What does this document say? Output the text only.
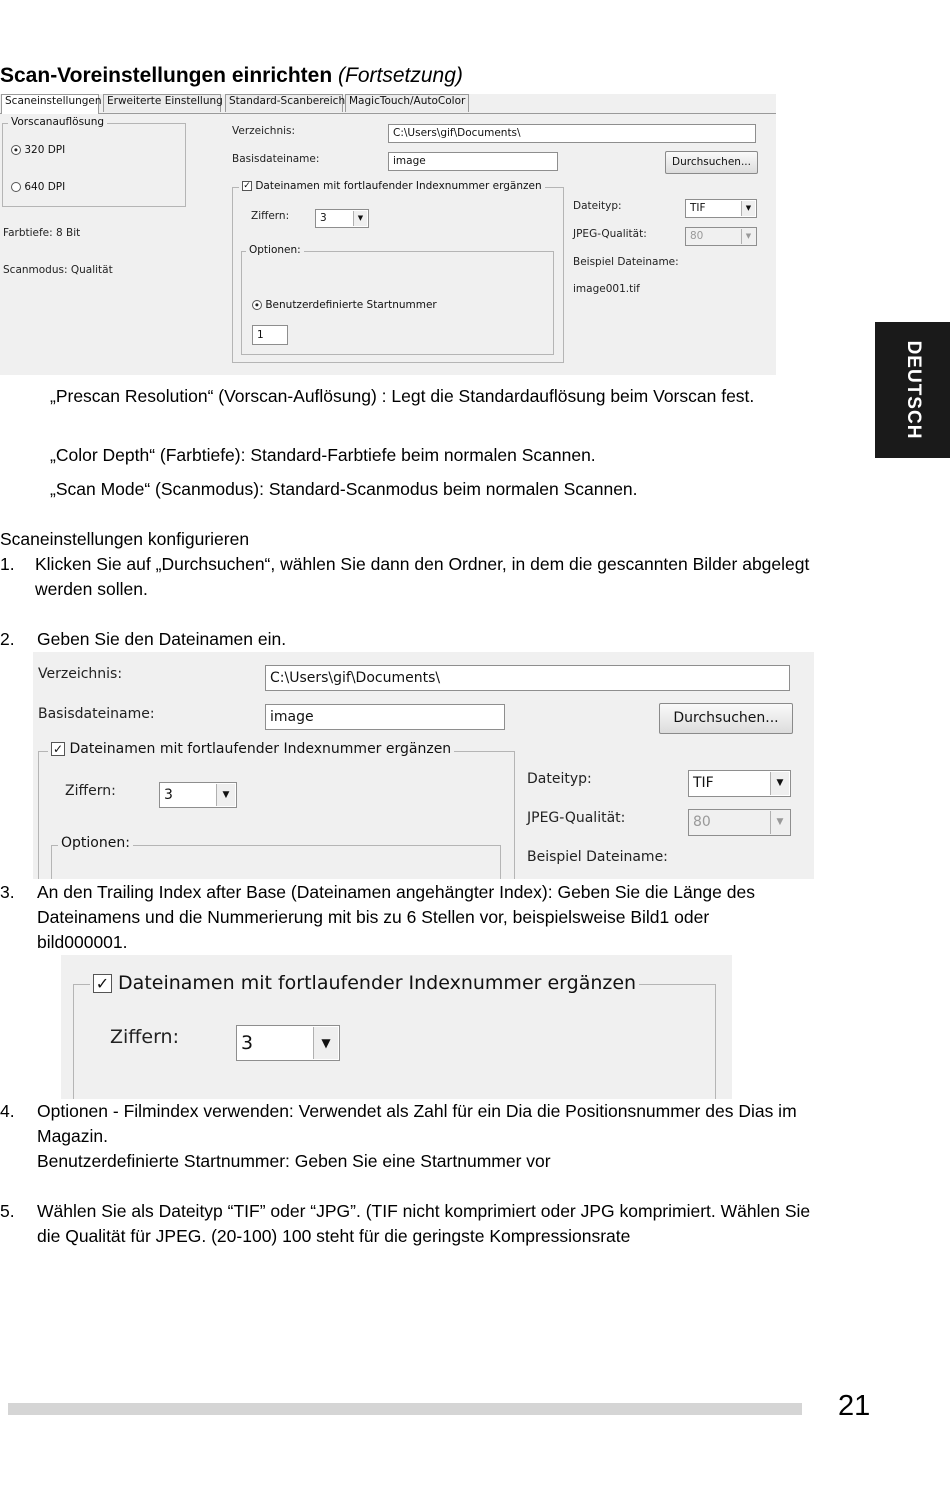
Scan-Voreinstellungen einrichten (Fortsetzung)
DEUTSCH
Scaneinstellungen Erweiterte Einstellung Standard-Scanbereich MagicTouch/AutoColor
Vorscanauflösung
320 DPI
640 DPI
Farbtiefe: 8 Bit
Scanmodus: Qualität
Verzeichnis:	C:\Users\gif\Documents\
Basisdateiname:	image	Durchsuchen...
✓ Dateinamen mit fortlaufender Indexnummer ergänzen
Ziffern:	3	▼
Optionen:
Benutzerdefinierte Startnummer
1
Dateityp:	TIF	▼
JPEG-Qualität:	80	▼
Beispiel Dateiname:
image001.tif
„Prescan Resolution“ (Vorscan-Auflösung) : Legt die Standardauflösung beim Vorscan fest.
„Color Depth“ (Farbtiefe): Standard-Farbtiefe beim normalen Scannen.
„Scan Mode“ (Scanmodus): Standard-Scanmodus beim normalen Scannen.
Scaneinstellungen konfigurieren
1. Klicken Sie auf „Durchsuchen“, wählen Sie dann den Ordner, in dem die gescannten Bilder abgelegt werden sollen.
2. Geben Sie den Dateinamen ein.
Verzeichnis:	C:\Users\gif\Documents\
Basisdateiname:	image	Durchsuchen...
✓ Dateinamen mit fortlaufender Indexnummer ergänzen
Ziffern:	3	▼
Optionen:
Dateityp:	TIF	▼
JPEG-Qualität:	80	▼
Beispiel Dateiname:
3. An den Trailing Index after Base (Dateinamen angehängter Index): Geben Sie die Länge des Dateinamens und die Nummerierung mit bis zu 6 Stellen vor, beispielsweise Bild1 oder bild000001.
✓ Dateinamen mit fortlaufender Indexnummer ergänzen
Ziffern:	3	▼
4. Optionen - Filmindex verwenden: Verwendet als Zahl für ein Dia die Positionsnummer des Dias im Magazin.
Benutzerdefinierte Startnummer: Geben Sie eine Startnummer vor
5. Wählen Sie als Dateityp “TIF” oder “JPG”. (TIF nicht komprimiert oder JPG komprimiert. Wählen Sie die Qualität für JPEG. (20-100) 100 steht für die geringste Kompressionsrate
21
